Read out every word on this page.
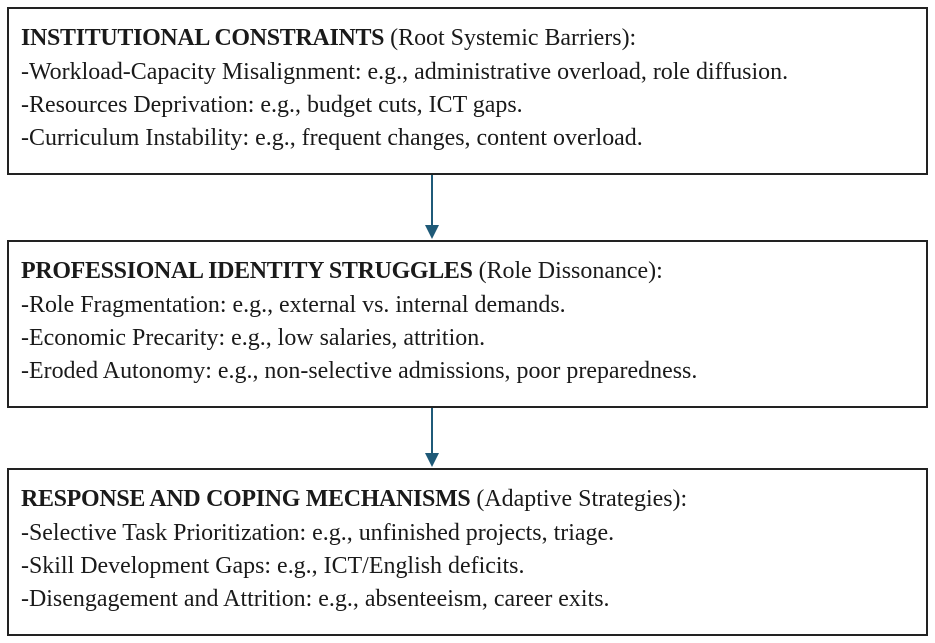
INSTITUTIONAL CONSTRAINTS (Root Systemic Barriers):
-Workload-Capacity Misalignment: e.g., administrative overload, role diffusion.
-Resources Deprivation: e.g., budget cuts, ICT gaps.
-Curriculum Instability: e.g., frequent changes, content overload.
PROFESSIONAL IDENTITY STRUGGLES (Role Dissonance):
-Role Fragmentation: e.g., external vs. internal demands.
-Economic Precarity: e.g., low salaries, attrition.
-Eroded Autonomy: e.g., non-selective admissions, poor preparedness.
RESPONSE AND COPING MECHANISMS (Adaptive Strategies):
-Selective Task Prioritization: e.g., unfinished projects, triage.
-Skill Development Gaps: e.g., ICT/English deficits.
-Disengagement and Attrition: e.g., absenteeism, career exits.
